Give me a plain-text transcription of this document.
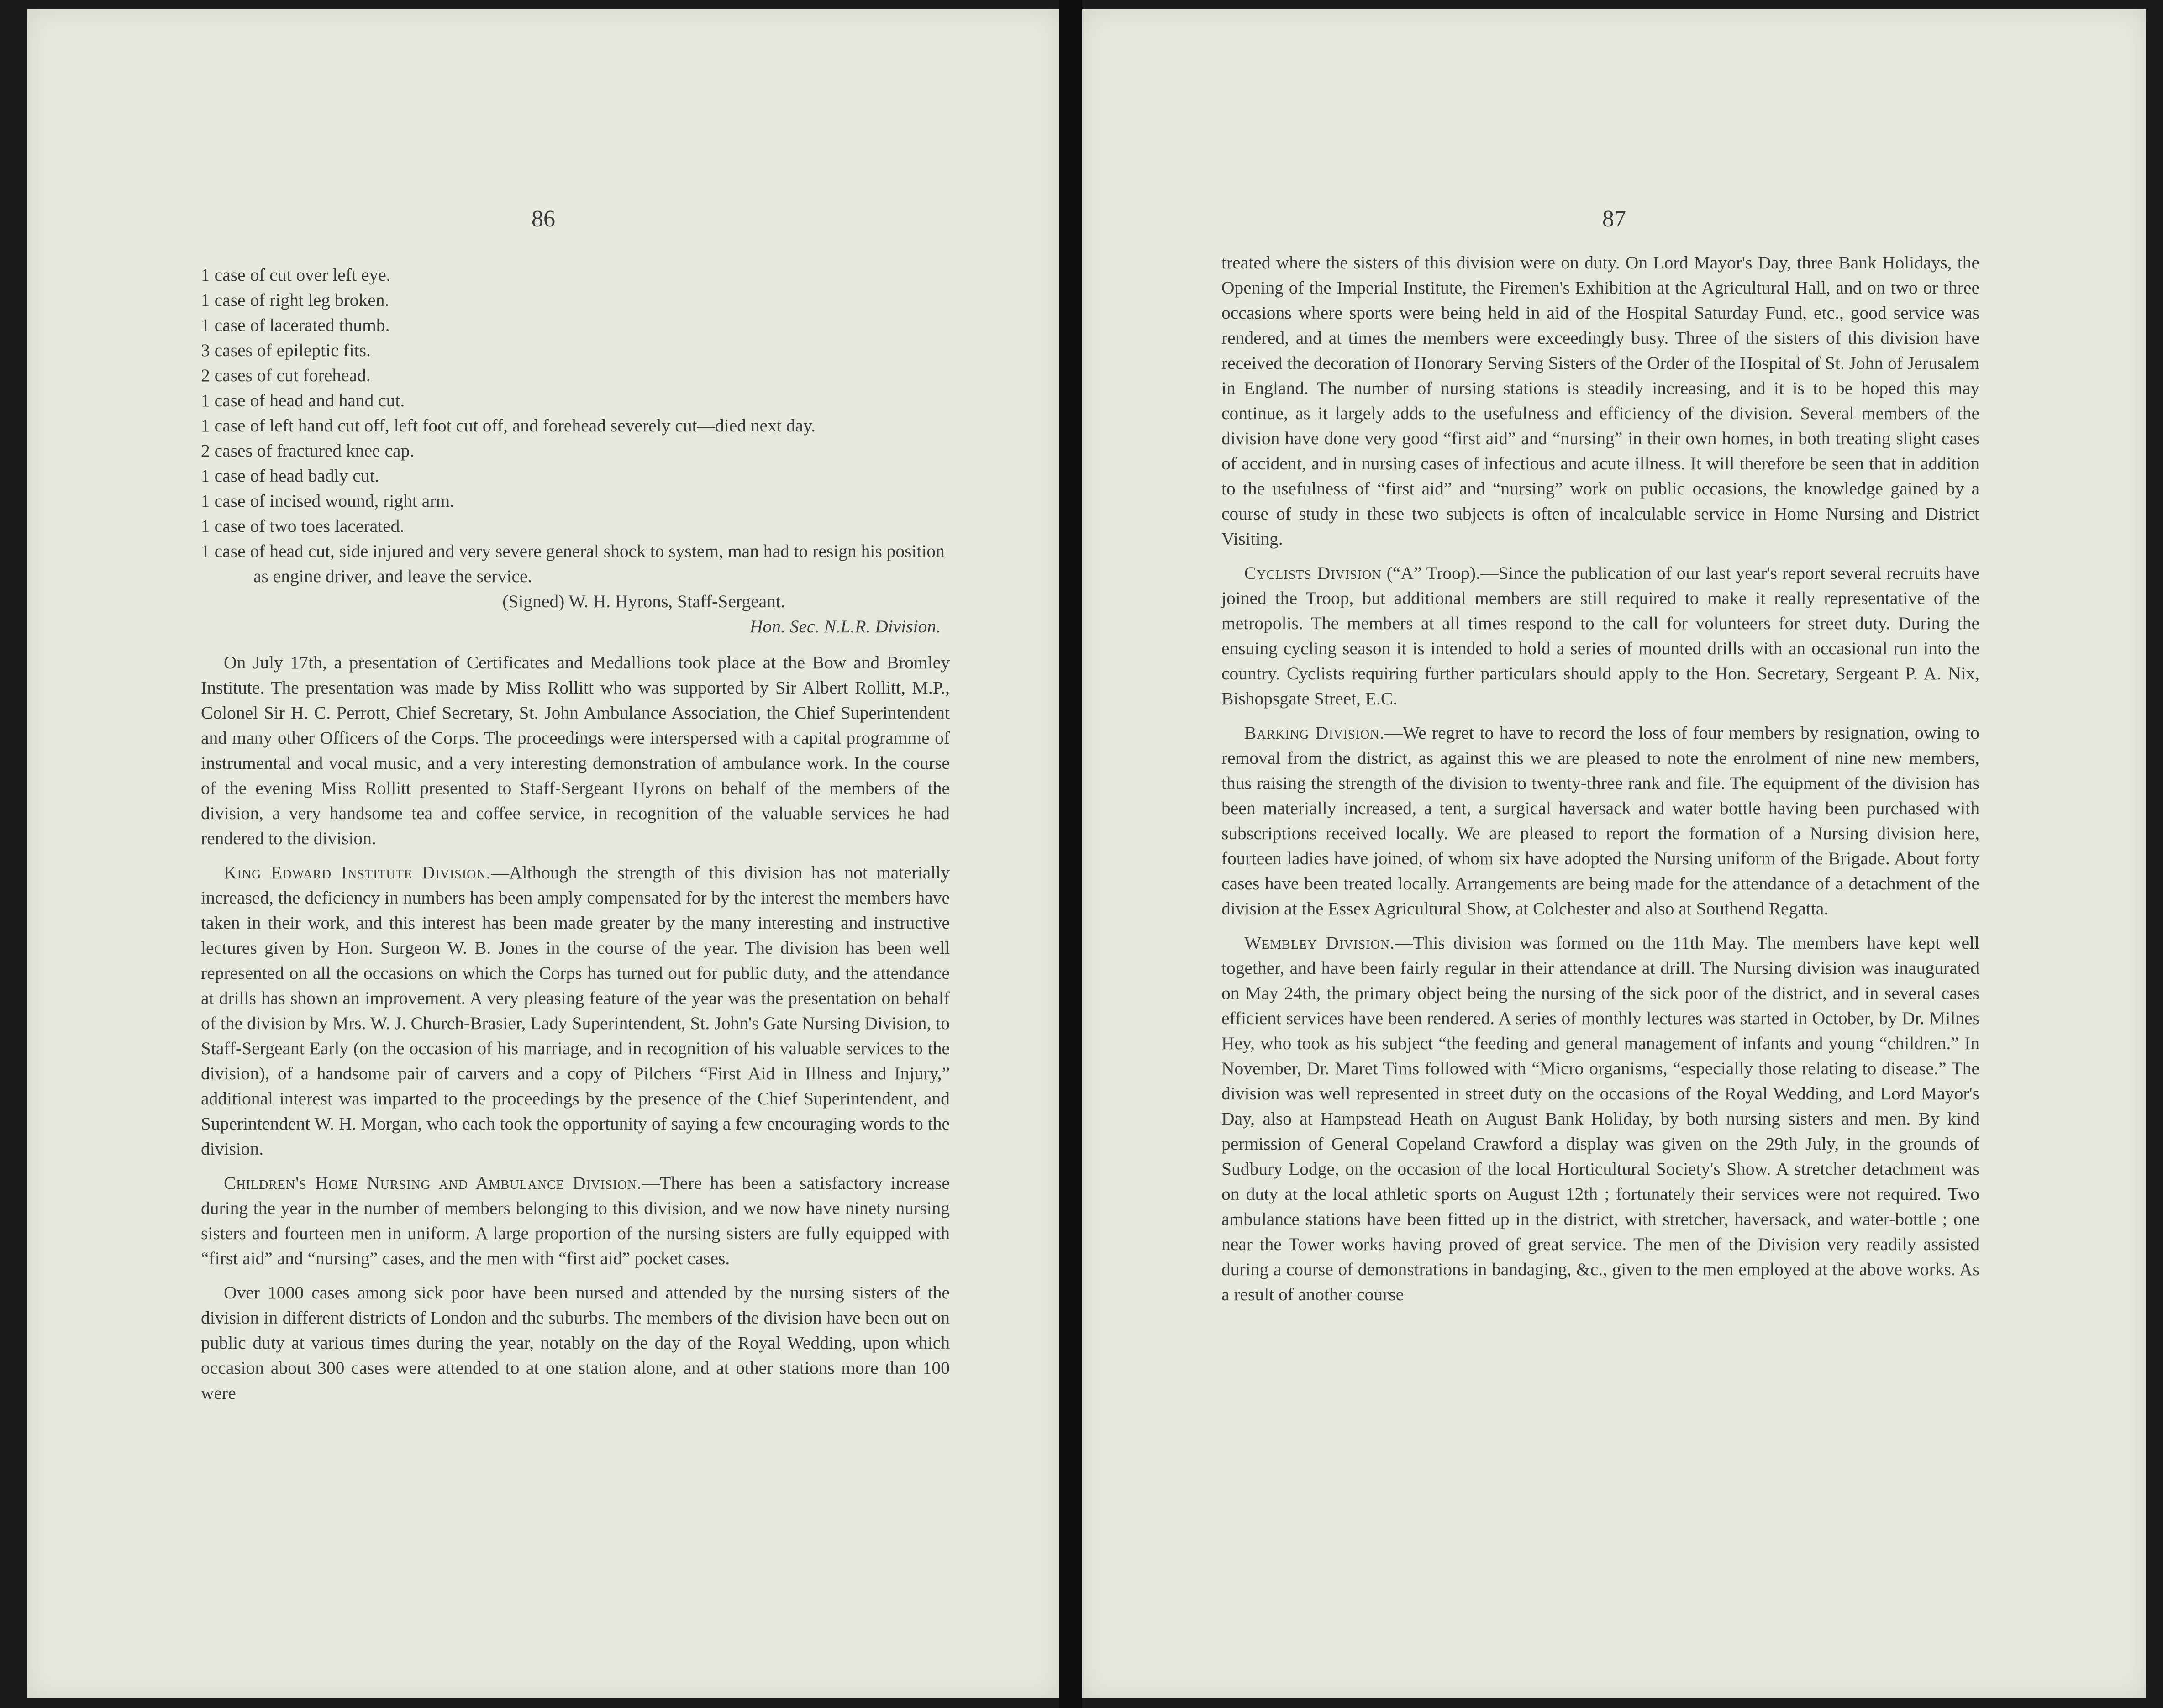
86
1 case of cut over left eye.
1 case of right leg broken.
1 case of lacerated thumb.
3 cases of epileptic fits.
2 cases of cut forehead.
1 case of head and hand cut.
1 case of left hand cut off, left foot cut off, and forehead severely cut—died next day.
2 cases of fractured knee cap.
1 case of head badly cut.
1 case of incised wound, right arm.
1 case of two toes lacerated.
1 case of head cut, side injured and very severe general shock to system, man had to resign his position as engine driver, and leave the service.
(Signed) W. H. Hyrons, Staff-Sergeant.
Hon. Sec. N.L.R. Division.

On July 17th, a presentation of Certificates and Medallions took place at the Bow and Bromley Institute. The presentation was made by Miss Rollitt who was supported by Sir Albert Rollitt, M.P., Colonel Sir H. C. Perrott, Chief Secretary, St. John Ambulance Association, the Chief Superintendent and many other Officers of the Corps. The proceedings were interspersed with a capital programme of instrumental and vocal music, and a very interesting demonstration of ambulance work. In the course of the evening Miss Rollitt presented to Staff-Sergeant Hyrons on behalf of the members of the division, a very handsome tea and coffee service, in recognition of the valuable services he had rendered to the division.

King Edward Institute Division.—Although the strength of this division has not materially increased, the deficiency in numbers has been amply compensated for by the interest the members have taken in their work, and this interest has been made greater by the many interesting and instructive lectures given by Hon. Surgeon W. B. Jones in the course of the year. The division has been well represented on all the occasions on which the Corps has turned out for public duty, and the attendance at drills has shown an improvement. A very pleasing feature of the year was the presentation on behalf of the division by Mrs. W. J. Church-Brasier, Lady Superintendent, St. John's Gate Nursing Division, to Staff-Sergeant Early (on the occasion of his marriage, and in recognition of his valuable services to the division), of a handsome pair of carvers and a copy of Pilchers “First Aid in Illness and Injury,” additional interest was imparted to the proceedings by the presence of the Chief Superintendent, and Superintendent W. H. Morgan, who each took the opportunity of saying a few encouraging words to the division.

Children's Home Nursing and Ambulance Division.—There has been a satisfactory increase during the year in the number of members belonging to this division, and we now have ninety nursing sisters and fourteen men in uniform. A large proportion of the nursing sisters are fully equipped with “first aid” and “nursing” cases, and the men with “first aid” pocket cases.

Over 1000 cases among sick poor have been nursed and attended by the nursing sisters of the division in different districts of London and the suburbs. The members of the division have been out on public duty at various times during the year, notably on the day of the Royal Wedding, upon which occasion about 300 cases were attended to at one station alone, and at other stations more than 100 were

87

treated where the sisters of this division were on duty. On Lord Mayor's Day, three Bank Holidays, the Opening of the Imperial Institute, the Firemen's Exhibition at the Agricultural Hall, and on two or three occasions where sports were being held in aid of the Hospital Saturday Fund, etc., good service was rendered, and at times the members were exceedingly busy. Three of the sisters of this division have received the decoration of Honorary Serving Sisters of the Order of the Hospital of St. John of Jerusalem in England. The number of nursing stations is steadily increasing, and it is to be hoped this may continue, as it largely adds to the usefulness and efficiency of the division. Several members of the division have done very good “first aid” and “nursing” in their own homes, in both treating slight cases of accident, and in nursing cases of infectious and acute illness. It will therefore be seen that in addition to the usefulness of “first aid” and “nursing” work on public occasions, the knowledge gained by a course of study in these two subjects is often of incalculable service in Home Nursing and District Visiting.

Cyclists Division (“A” Troop).—Since the publication of our last year's report several recruits have joined the Troop, but additional members are still required to make it really representative of the metropolis. The members at all times respond to the call for volunteers for street duty. During the ensuing cycling season it is intended to hold a series of mounted drills with an occasional run into the country. Cyclists requiring further particulars should apply to the Hon. Secretary, Sergeant P. A. Nix, Bishopsgate Street, E.C.

Barking Division.—We regret to have to record the loss of four members by resignation, owing to removal from the district, as against this we are pleased to note the enrolment of nine new members, thus raising the strength of the division to twenty-three rank and file. The equipment of the division has been materially increased, a tent, a surgical haversack and water bottle having been purchased with subscriptions received locally. We are pleased to report the formation of a Nursing division here, fourteen ladies have joined, of whom six have adopted the Nursing uniform of the Brigade. About forty cases have been treated locally. Arrangements are being made for the attendance of a detachment of the division at the Essex Agricultural Show, at Colchester and also at Southend Regatta.

Wembley Division.—This division was formed on the 11th May. The members have kept well together, and have been fairly regular in their attendance at drill. The Nursing division was inaugurated on May 24th, the primary object being the nursing of the sick poor of the district, and in several cases efficient services have been rendered. A series of monthly lectures was started in October, by Dr. Milnes Hey, who took as his subject “the feeding and general management of infants and young “children.” In November, Dr. Maret Tims followed with “Micro organisms, “especially those relating to disease.” The division was well represented in street duty on the occasions of the Royal Wedding, and Lord Mayor's Day, also at Hampstead Heath on August Bank Holiday, by both nursing sisters and men. By kind permission of General Copeland Crawford a display was given on the 29th July, in the grounds of Sudbury Lodge, on the occasion of the local Horticultural Society's Show. A stretcher detachment was on duty at the local athletic sports on August 12th ; fortunately their services were not required. Two ambulance stations have been fitted up in the district, with stretcher, haversack, and water-bottle ; one near the Tower works having proved of great service. The men of the Division very readily assisted during a course of demonstrations in bandaging, &c., given to the men employed at the above works. As a result of another course
